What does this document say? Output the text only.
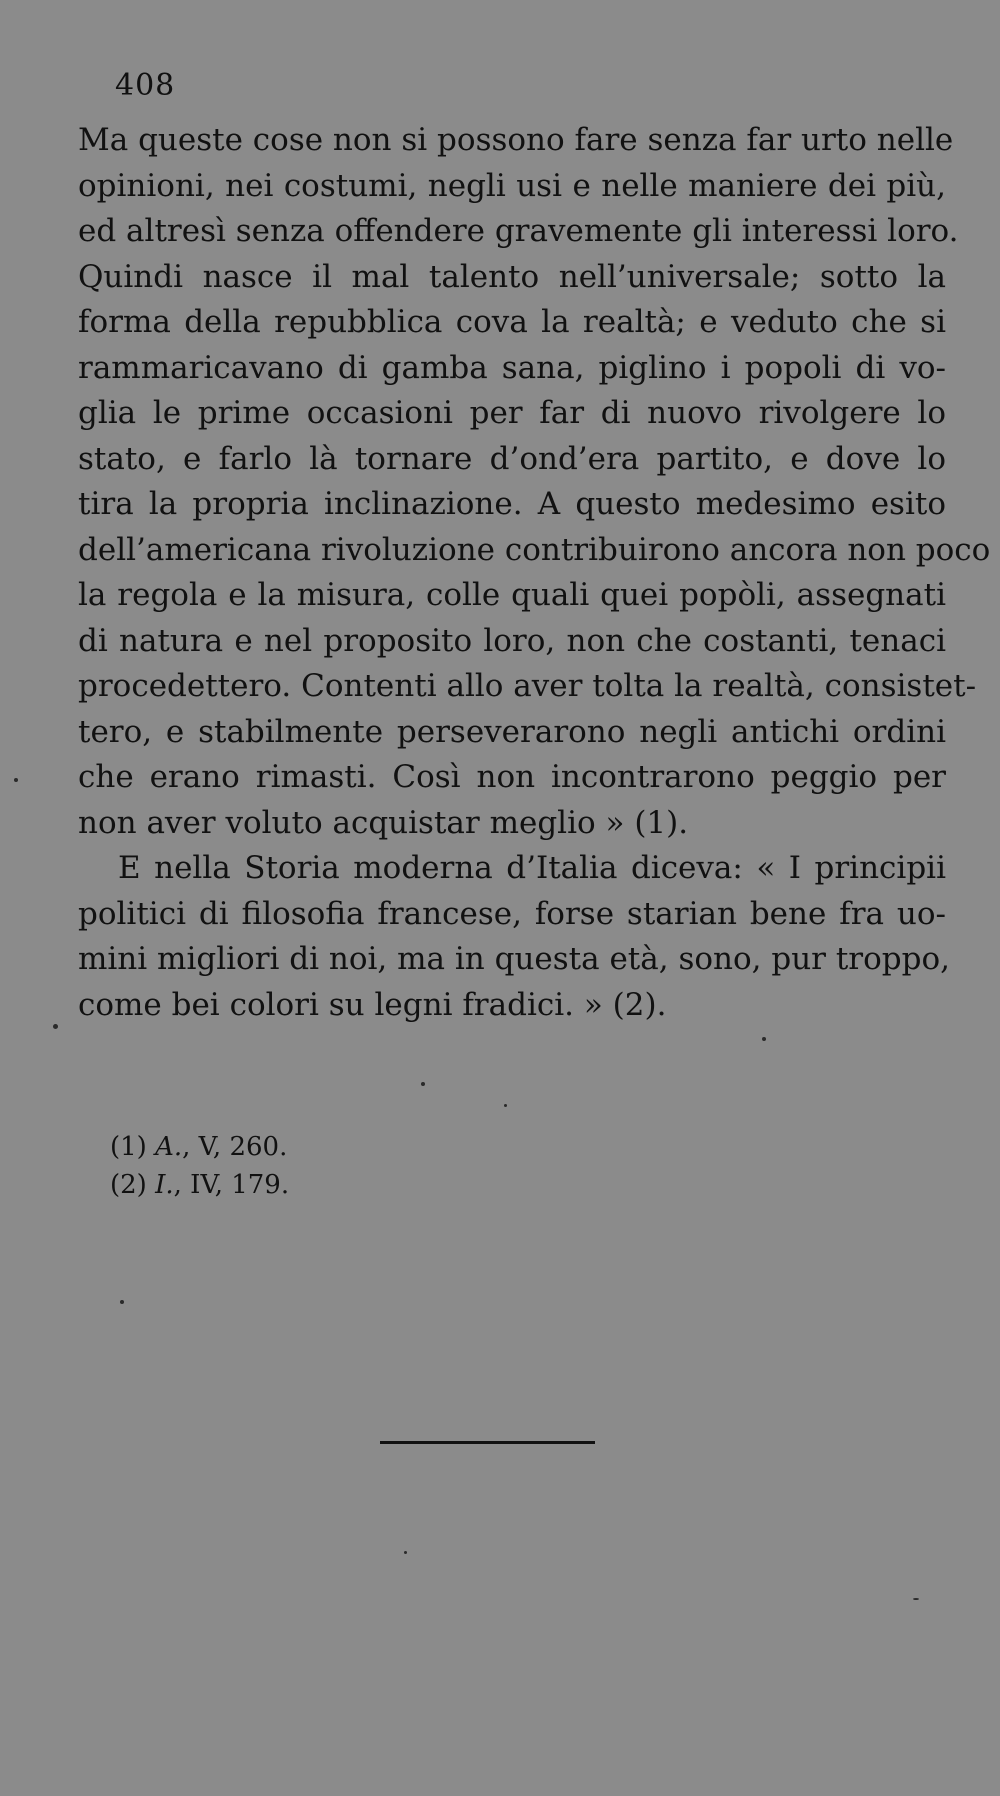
408
Ma queste cose non si possono fare senza far urto nelle
opinioni, nei costumi, negli usi e nelle maniere dei più,
ed altresì senza offendere gravemente gli interessi loro.
Quindi nasce il mal talento nell’universale; sotto la
forma della repubblica cova la realtà; e veduto che si
rammaricavano di gamba sana, piglino i popoli di vo-
glia le prime occasioni per far di nuovo rivolgere lo
stato, e farlo là tornare d’ond’era partito, e dove lo
tira la propria inclinazione. A questo medesimo esito
dell’americana rivoluzione contribuirono ancora non poco
la regola e la misura, colle quali quei popòli, assegnati
di natura e nel proposito loro, non che costanti, tenaci
procedettero. Contenti allo aver tolta la realtà, consistet-
tero, e stabilmente perseverarono negli antichi ordini
che erano rimasti. Così non incontrarono peggio per
non aver voluto acquistar meglio » (1).
E nella Storia moderna d’Italia diceva: « I principii
politici di filosofia francese, forse starian bene fra uo-
mini migliori di noi, ma in questa età, sono, pur troppo,
come bei colori su legni fradici. » (2).
(1) A., V, 260.
(2) I., IV, 179.
